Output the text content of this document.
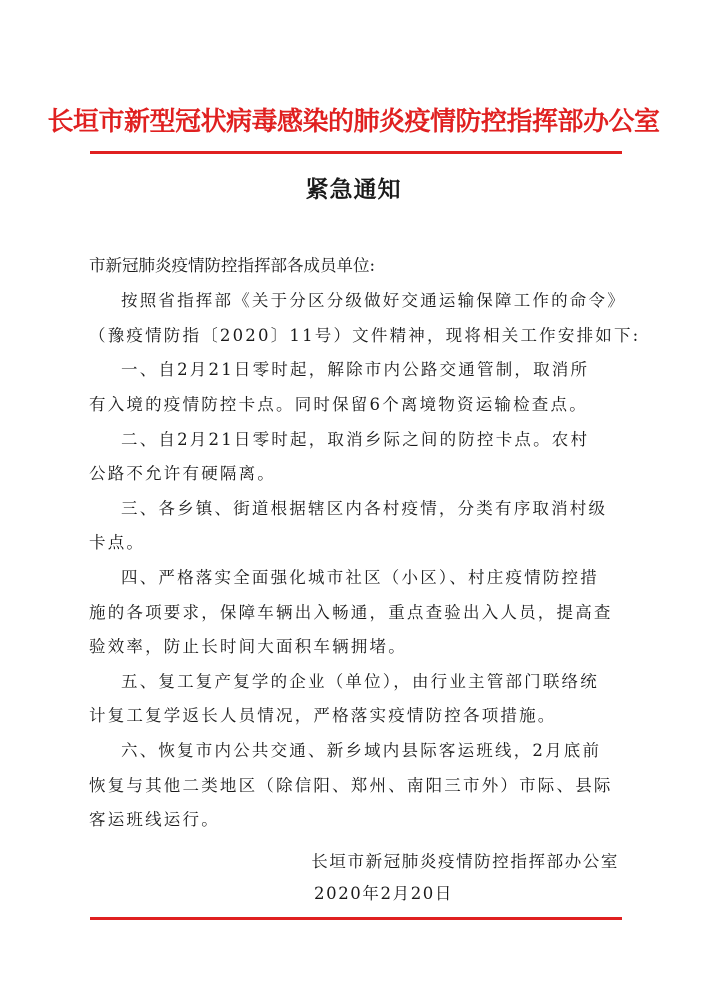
长垣市新型冠状病毒感染的肺炎疫情防控指挥部办公室
紧急通知
市新冠肺炎疫情防控指挥部各成员单位:
按照省指挥部《关于分区分级做好交通运输保障工作的命令》
（豫疫情防指〔2020〕11号）文件精神，现将相关工作安排如下:
一、自2月21日零时起，解除市内公路交通管制，取消所
有入境的疫情防控卡点。同时保留6个离境物资运输检查点。
二、自2月21日零时起，取消乡际之间的防控卡点。农村
公路不允许有硬隔离。
三、各乡镇、街道根据辖区内各村疫情，分类有序取消村级
卡点。
四、严格落实全面强化城市社区（小区）、村庄疫情防控措
施的各项要求，保障车辆出入畅通，重点查验出入人员，提高查
验效率，防止长时间大面积车辆拥堵。
五、复工复产复学的企业（单位），由行业主管部门联络统
计复工复学返长人员情况，严格落实疫情防控各项措施。
六、恢复市内公共交通、新乡域内县际客运班线，2月底前
恢复与其他二类地区（除信阳、郑州、南阳三市外）市际、县际
客运班线运行。
长垣市新冠肺炎疫情防控指挥部办公室
2020年2月20日
